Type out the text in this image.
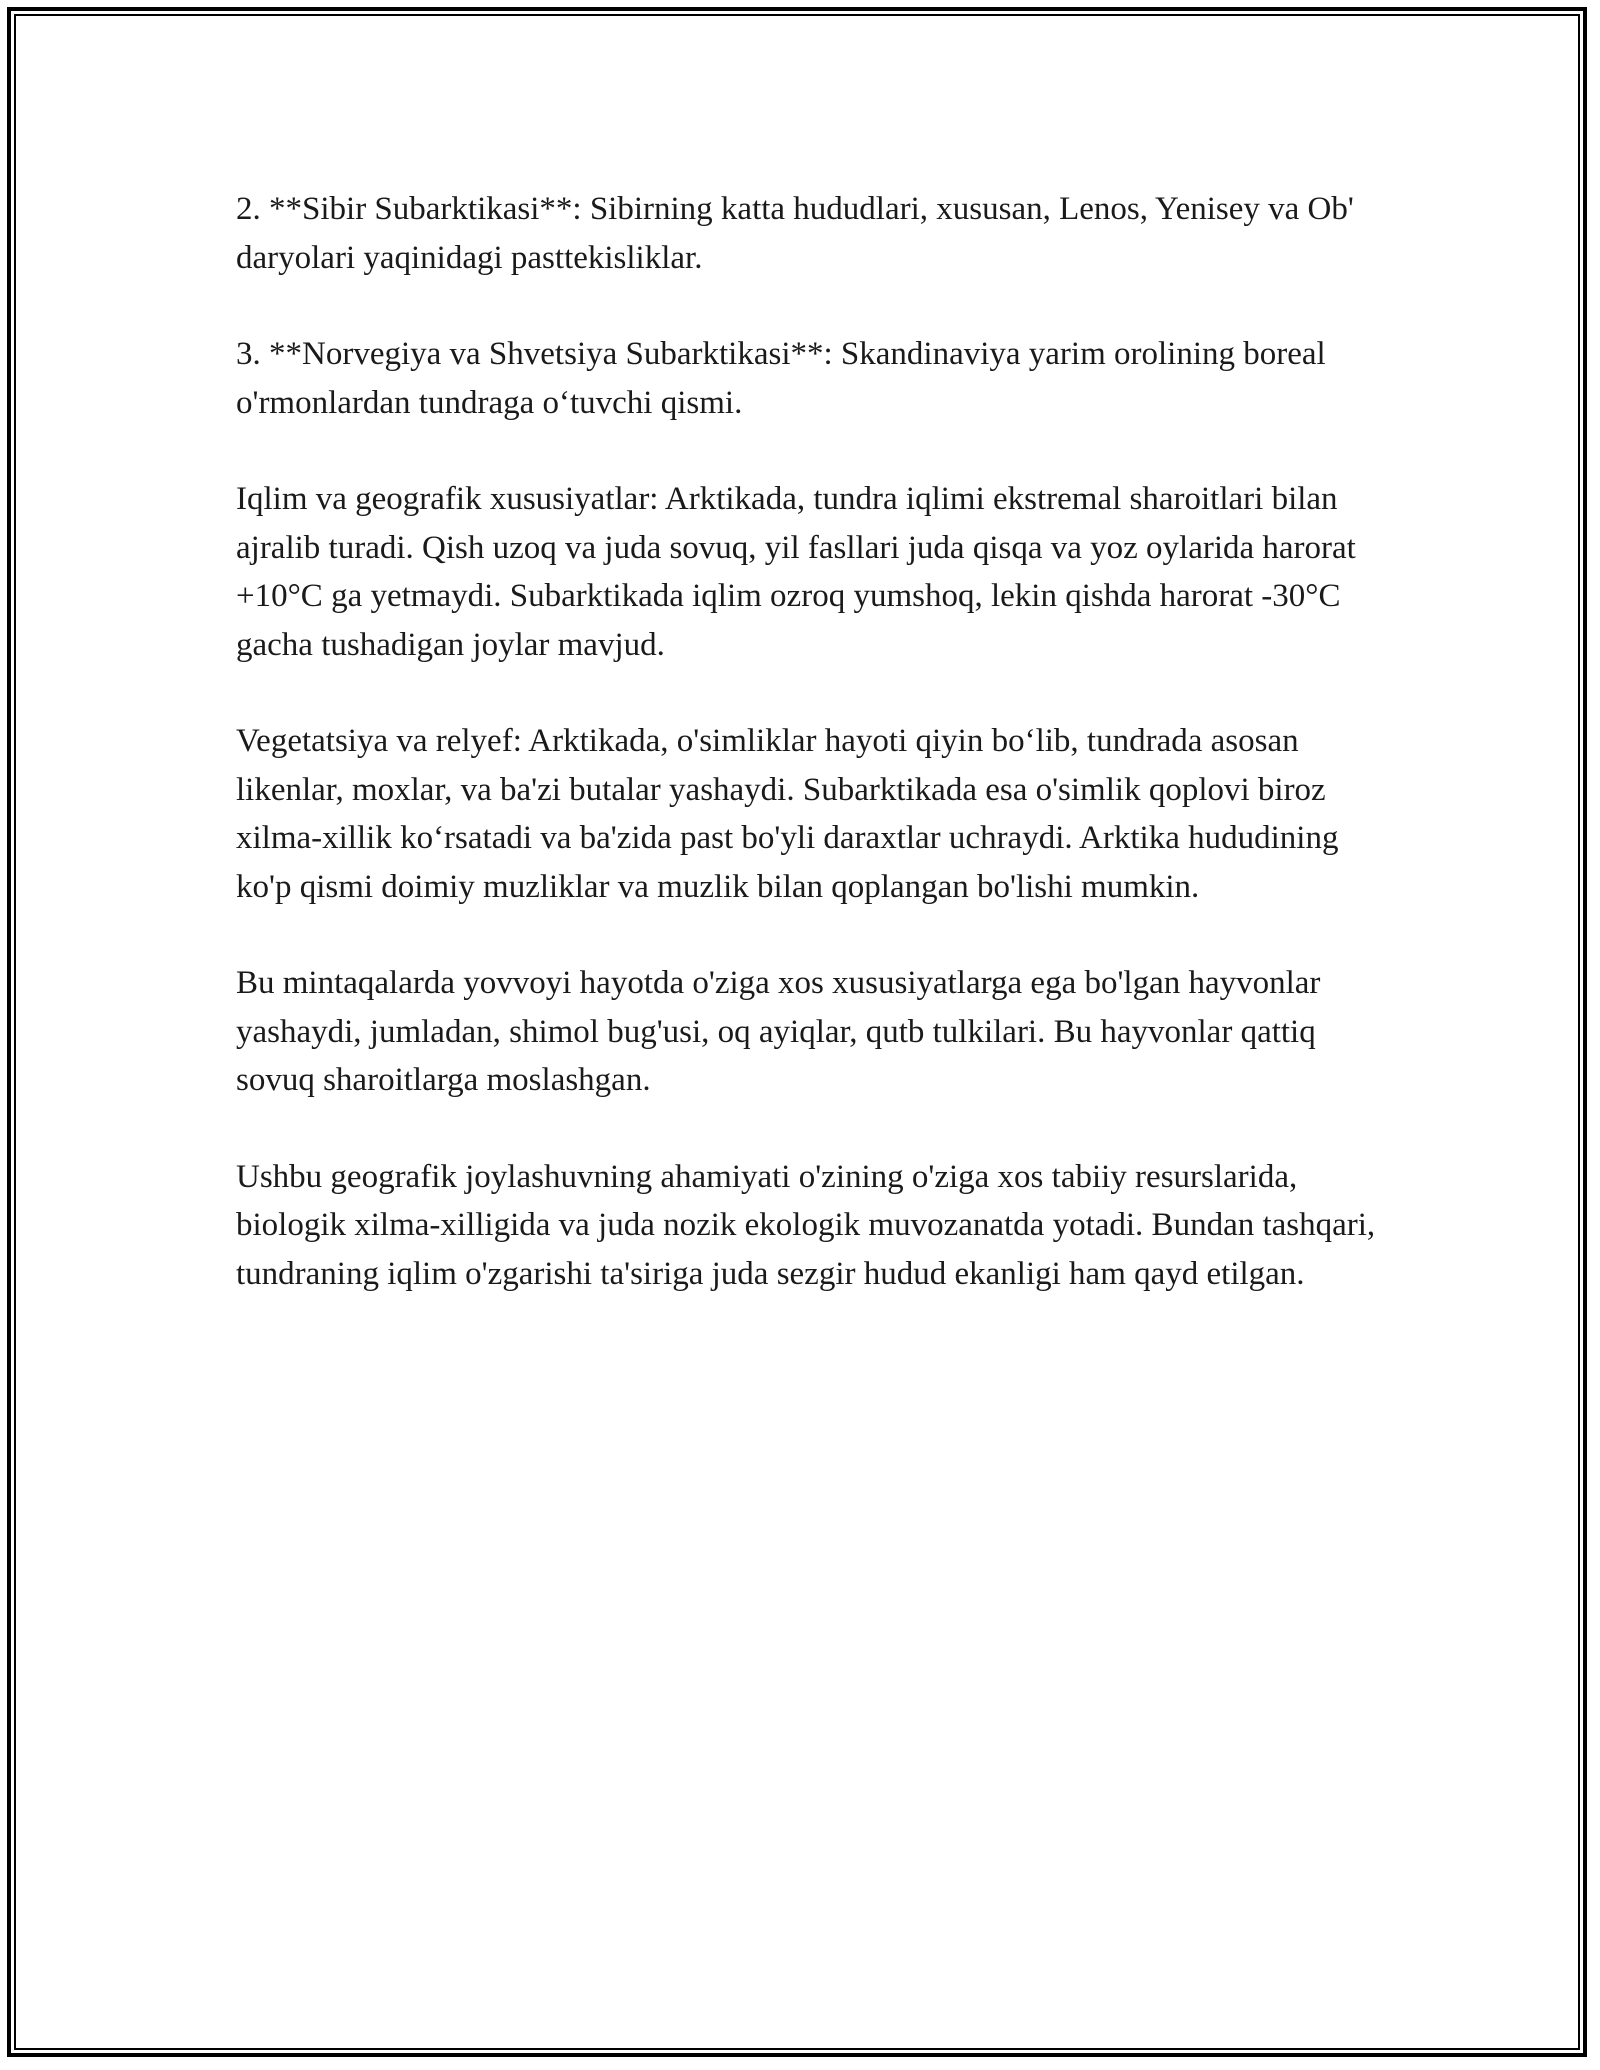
2. **Sibir Subarktikasi**: Sibirning katta hududlari, xususan, Lenos, Yenisey va Ob' daryolari yaqinidagi pasttekisliklar.

3. **Norvegiya va Shvetsiya Subarktikasi**: Skandinaviya yarim orolining boreal o'rmonlardan tundraga o‘tuvchi qismi.

Iqlim va geografik xususiyatlar: Arktikada, tundra iqlimi ekstremal sharoitlari bilan ajralib turadi. Qish uzoq va juda sovuq, yil fasllari juda qisqa va yoz oylarida harorat +10°C ga yetmaydi. Subarktikada iqlim ozroq yumshoq, lekin qishda harorat -30°C gacha tushadigan joylar mavjud.

Vegetatsiya va relyef: Arktikada, o'simliklar hayoti qiyin bo‘lib, tundrada asosan likenlar, moxlar, va ba'zi butalar yashaydi. Subarktikada esa o'simlik qoplovi biroz xilma-xillik ko‘rsatadi va ba'zida past bo'yli daraxtlar uchraydi. Arktika hududining ko'p qismi doimiy muzliklar va muzlik bilan qoplangan bo'lishi mumkin.

Bu mintaqalarda yovvoyi hayotda o'ziga xos xususiyatlarga ega bo'lgan hayvonlar yashaydi, jumladan, shimol bug'usi, oq ayiqlar, qutb tulkilari. Bu hayvonlar qattiq sovuq sharoitlarga moslashgan.

Ushbu geografik joylashuvning ahamiyati o'zining o'ziga xos tabiiy resurslarida, biologik xilma-xilligida va juda nozik ekologik muvozanatda yotadi. Bundan tashqari, tundraning iqlim o'zgarishi ta'siriga juda sezgir hudud ekanligi ham qayd etilgan.
